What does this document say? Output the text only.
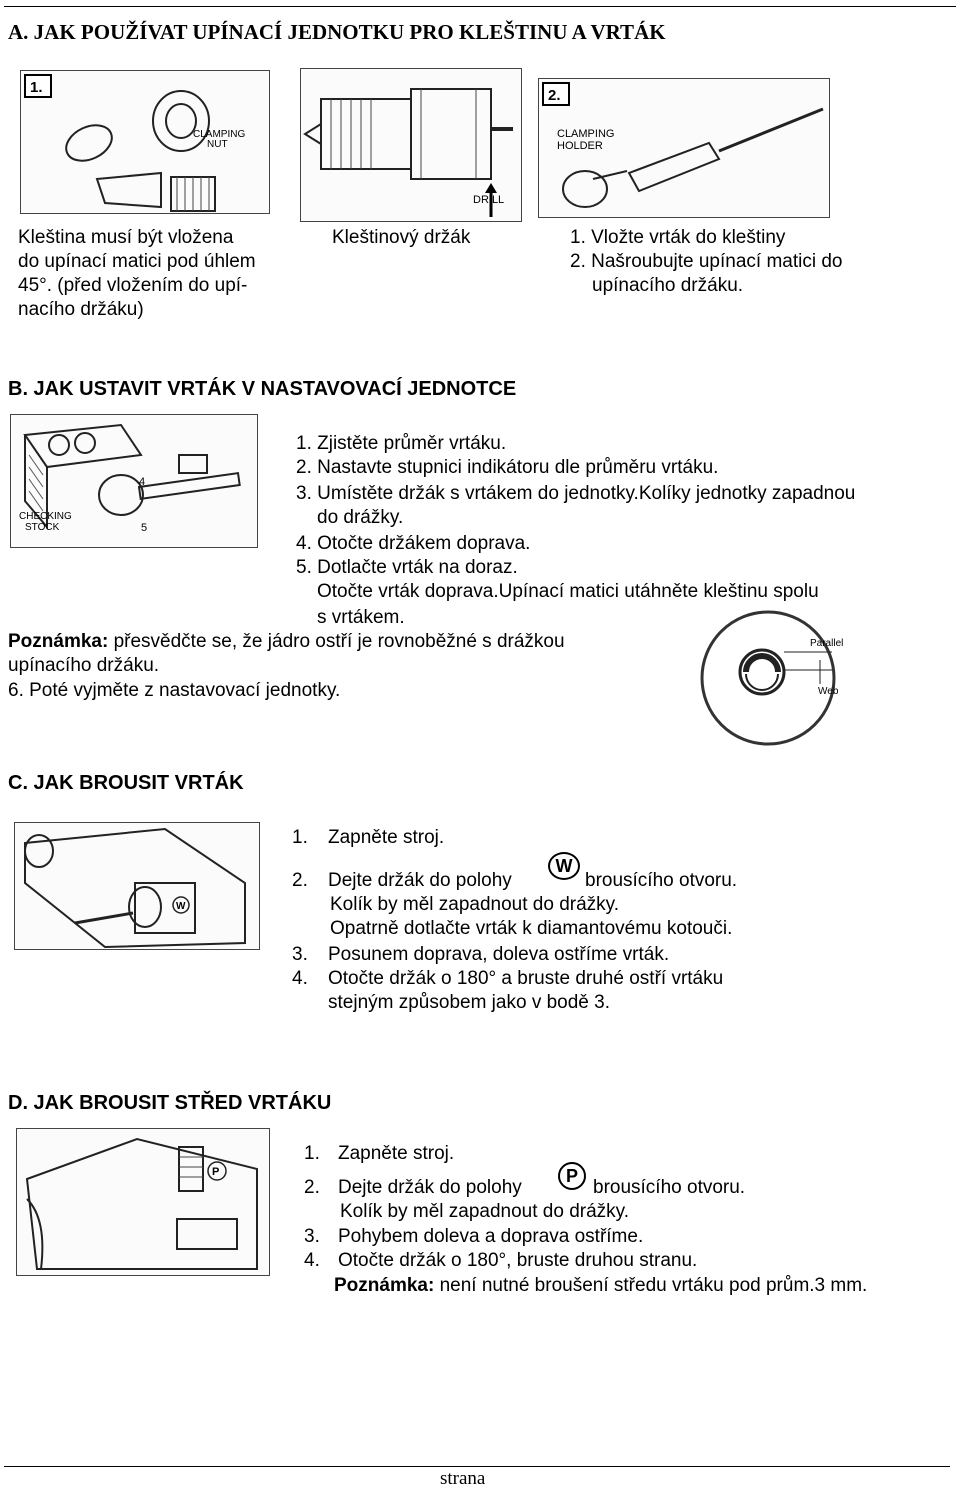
A. JAK POUŽÍVAT UPÍNACÍ JEDNOTKU PRO KLEŠTINU A VRTÁK
1.
CLAMPING
NUT
DRILL
2.
CLAMPING
HOLDER
Kleština musí být vložena
do upínací matici pod úhlem
45°. (před vložením do upí-
nacího držáku)
Kleštinový držák	1. Vložte vrták do kleštiny
2. Našroubujte upínací matici do
upínacího držáku.
B. JAK USTAVIT VRTÁK V NASTAVOVACÍ JEDNOTCE
CHECKING
STOCK
4
5
1. Zjistěte průměr vrtáku.
2. Nastavte stupnici indikátoru dle průměru vrtáku.
3. Umístěte držák s vrtákem do jednotky.Kolíky jednotky zapadnou
do drážky.
4. Otočte držákem doprava.
5. Dotlačte vrták na doraz.
Otočte vrták doprava.Upínací matici utáhněte kleštinu spolu
s vrtákem.
Poznámka: přesvědčte se, že jádro ostří je rovnoběžné s drážkou
upínacího držáku.
6. Poté vyjměte z nastavovací jednotky.
Parallel
Web
C. JAK BROUSIT VRTÁK
W
1. Zapněte stroj.
2. Dejte držák do polohy
W
brousícího otvoru.
Kolík by měl zapadnout do drážky.
Opatrně dotlačte vrták k diamantovému kotouči.
3. Posunem doprava, doleva ostříme vrták.
4. Otočte držák o 180° a bruste druhé ostří vrtáku
stejným způsobem jako v bodě 3.
D. JAK BROUSIT STŘED VRTÁKU
P
1. Zapněte stroj.
2. Dejte držák do polohy
P
brousícího otvoru.
Kolík by měl zapadnout do drážky.
3. Pohybem doleva a doprava ostříme.
4. Otočte držák o 180°, bruste druhou stranu.
Poznámka: není nutné broušení středu vrtáku pod prům.3 mm.
strana
